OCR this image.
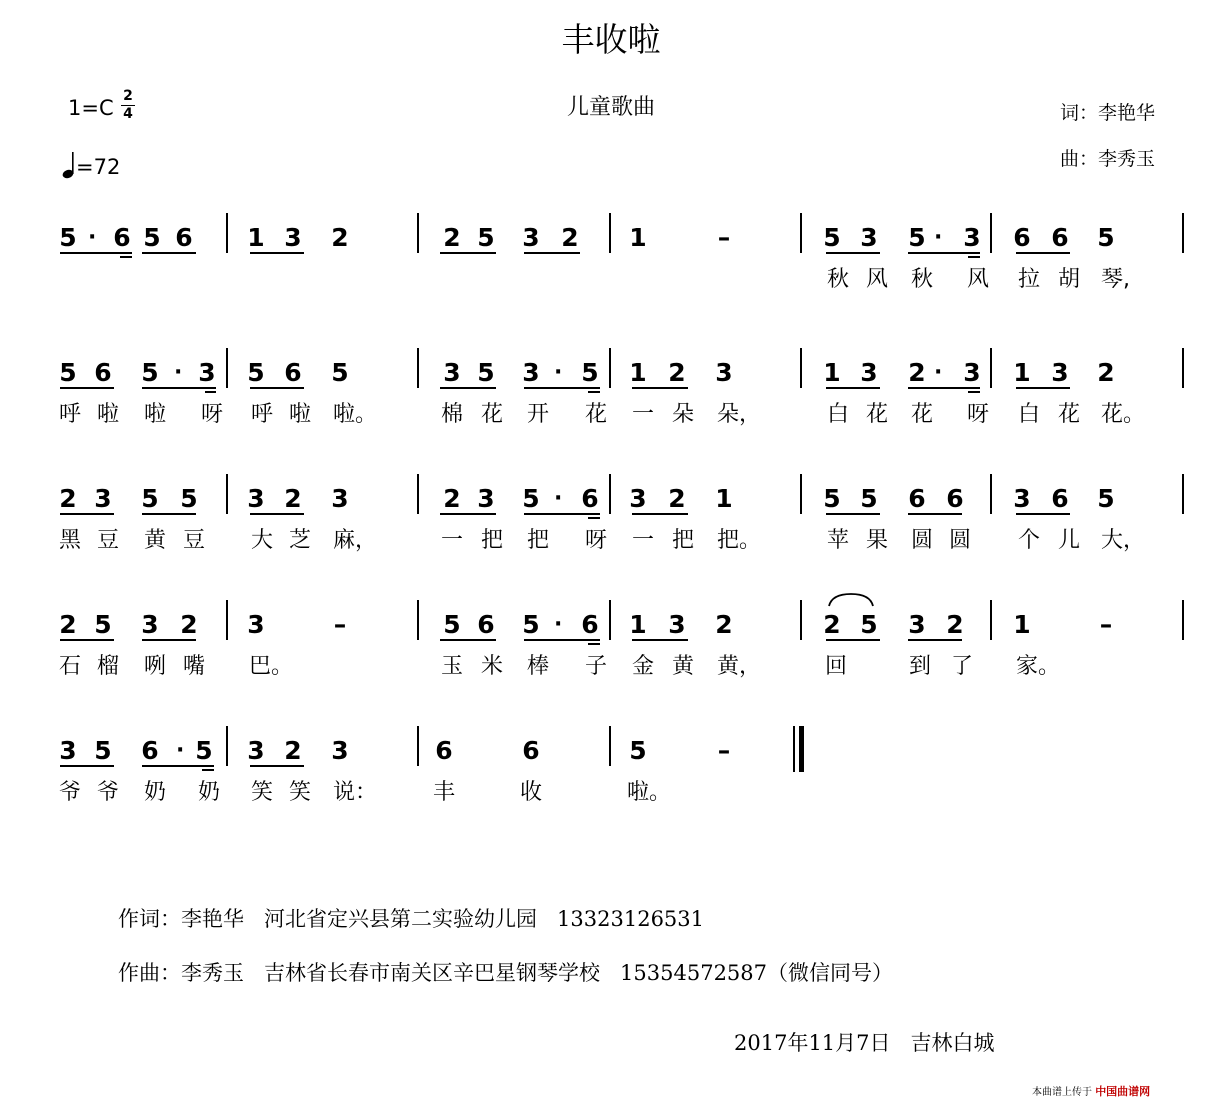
丰收啦
儿童歌曲
$1=C \frac{2}{4}$
=72
词：李艳华
曲：李秀玉
5 6 5 6 1 3 2	2 5 3 2 1	–	5 3 5 3 6 6 5
秋 风 秋 风 拉 胡 琴,
5 6 5 3 5 6 5	3 5 3 5 1 2 3	1 3 2 3 1 3 2
呼 啦 啦 呀 呼 啦 啦。	棉 花 开 花 一 朵 朵，	白 花 花 呀 白 花 花。
2 3 5 5 3 2 3	2 3 5 6 3 2 1	5 5 6 6 3 6 5
黑 豆 黄 豆 大 芝 麻，	一 把 把 呀 一 把 把。	苹 果 圆 圆 个 儿 大，
2 5 3 2 3	–	5 6 5 6 1 3 2	2 5 3 2 1	–
石 榴 咧 嘴 巴。	玉 米 棒 子 金 黄 黄，	回	到 了 家。
3 5 6 5 3 2 3	6	6	5	–
爷 爷 奶 奶 笑 笑 说：	丰	收	啦。
·	·
·	·	·
·
·
·
作词：李艳华   河北省定兴县第二实验幼儿园   13323126531
作曲：李秀玉   吉林省长春市南关区辛巴星钢琴学校   15354572587（微信同号）
2017年11月7日   吉林白城
本曲谱上传于 中国曲谱网
